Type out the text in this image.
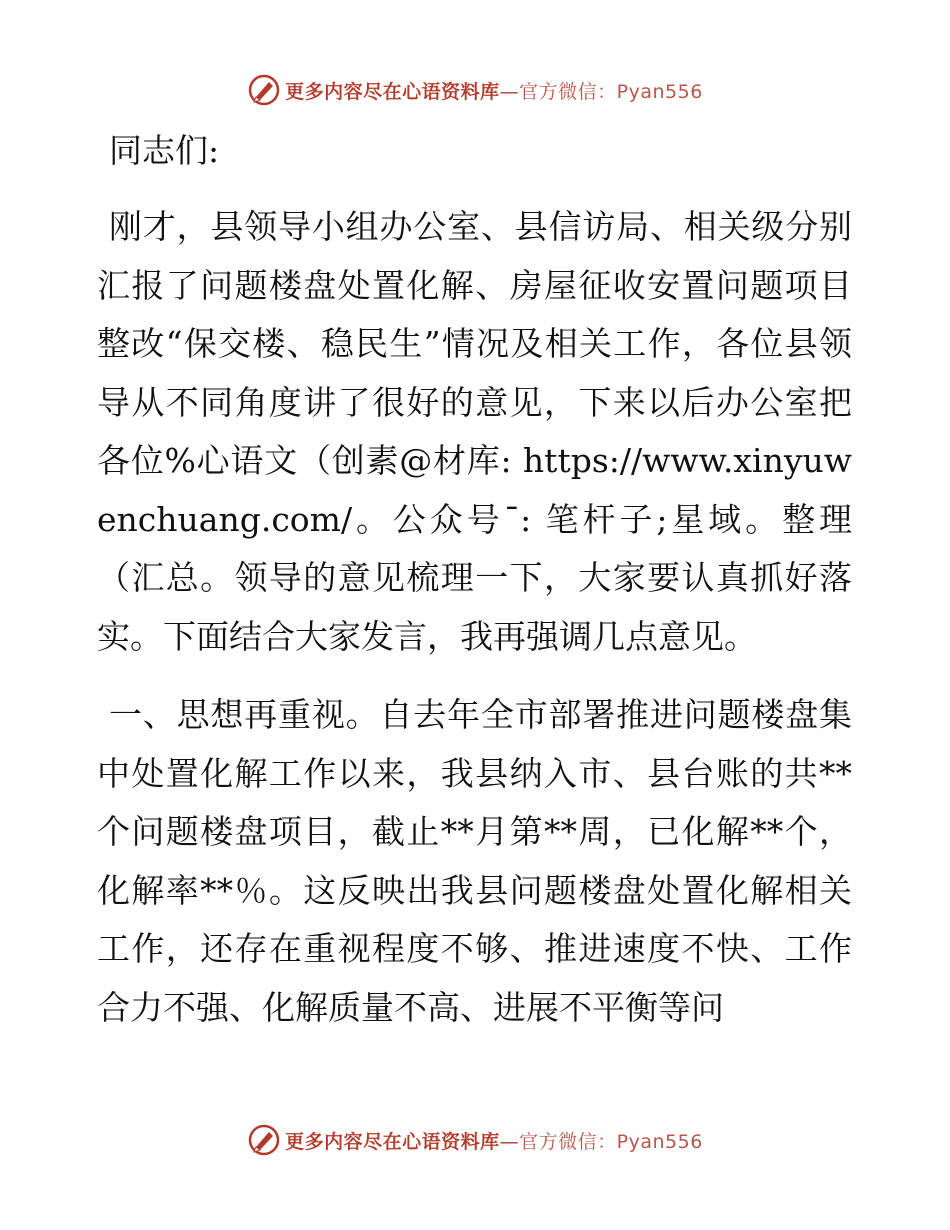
更多内容尽在心语资料库—官方微信：Pyan556
同志们:

刚才，县领导小组办公室、县信访局、相关级分别汇报了问题楼盘处置化解、房屋征收安置问题项目整改“保交楼、稳民生”情况及相关工作，各位县领导从不同角度讲了很好的意见，下来以后办公室把各位%心语文（创素@材库: https://www.xinyuwenchuang.com/。公众号¯: 笔杆子;星域。整理（汇总。领导的意见梳理一下，大家要认真抓好落实。下面结合大家发言，我再强调几点意见。

一、思想再重视。自去年全市部署推进问题楼盘集中处置化解工作以来，我县纳入市、县台账的共**个问题楼盘项目，截止**月第**周，已化解**个，化解率**％。这反映出我县问题楼盘处置化解相关工作，还存在重视程度不够、推进速度不快、工作合力不强、化解质量不高、进展不平衡等问

更多内容尽在心语资料库—官方微信：Pyan556
